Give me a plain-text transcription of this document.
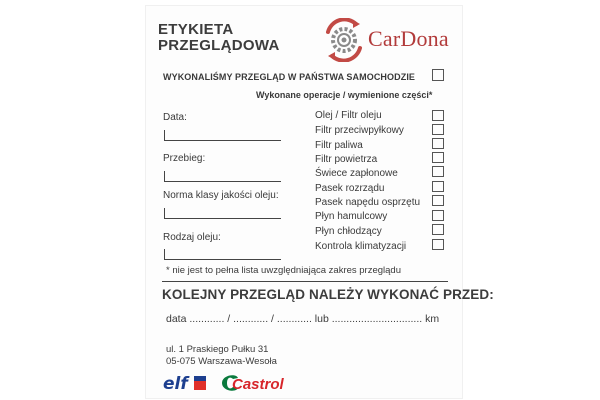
ETYKIETA
PRZEGLĄDOWA	CarDona
WYKONALIŚMY PRZEGLĄD W PAŃSTWA SAMOCHODZIE
Wykonane operacje / wymienione części*
Data:
Przebieg:
Norma klasy jakości oleju:
Rodzaj oleju:
Olej / Filtr oleju
Filtr przeciwpyłkowy
Filtr paliwa
Filtr powietrza
Świece zapłonowe
Pasek rozrządu
Pasek napędu osprzętu
Płyn hamulcowy
Płyn chłodzący
Kontrola klimatyzacji
* nie jest to pełna lista uwzględniająca zakres przeglądu
KOLEJNY PRZEGLĄD NALEŻY WYKONAĆ PRZED:
data ............ / ............ / ............ lub ............................... km
ul. 1 Praskiego Pułku 31
05-075 Warszawa-Wesoła
elf	Castrol
